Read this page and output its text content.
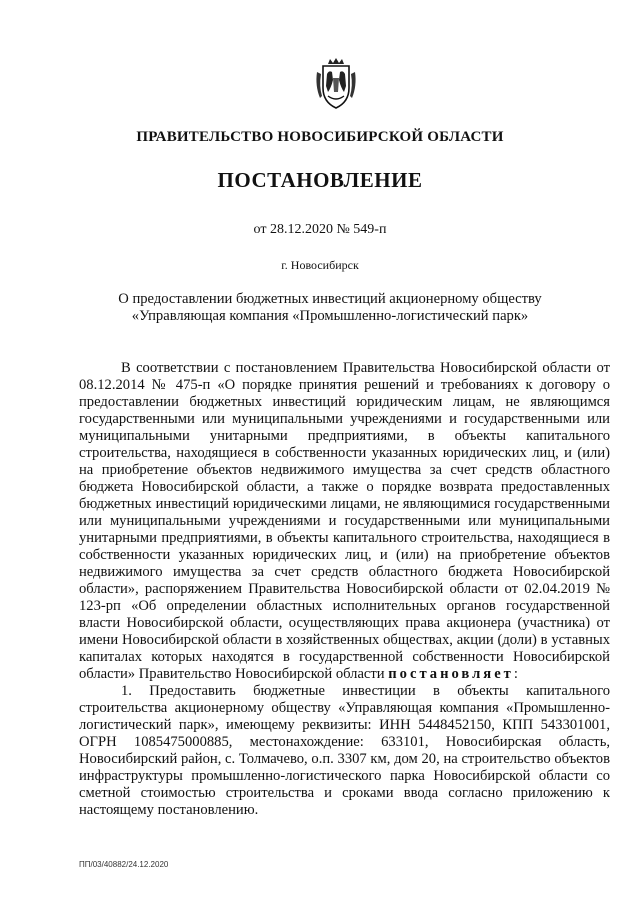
ПРАВИТЕЛЬСТВО НОВОСИБИРСКОЙ ОБЛАСТИ
ПОСТАНОВЛЕНИЕ
от 28.12.2020 № 549-п
г. Новосибирск
О предоставлении бюджетных инвестиций акционерному обществу
«Управляющая компания «Промышленно-логистический парк»

В соответствии с постановлением Правительства Новосибирской области от 08.12.2014 № 475-п «О порядке принятия решений и требованиях к договору о предоставлении бюджетных инвестиций юридическим лицам, не являющимся государственными или муниципальными учреждениями и государственными или муниципальными унитарными предприятиями, в объекты капитального строительства, находящиеся в собственности указанных юридических лиц, и (или) на приобретение объектов недвижимого имущества за счет средств областного бюджета Новосибирской области, а также о порядке возврата предоставленных бюджетных инвестиций юридическими лицами, не являющимися государственными или муниципальными учреждениями и государственными или муниципальными унитарными предприятиями, в объекты капитального строительства, находящиеся в собственности указанных юридических лиц, и (или) на приобретение объектов недвижимого имущества за счет средств областного бюджета Новосибирской области», распоряжением Правительства Новосибирской области от 02.04.2019 № 123-рп «Об определении областных исполнительных органов государственной власти Новосибирской области, осуществляющих права акционера (участника) от имени Новосибирской области в хозяйственных обществах, акции (доли) в уставных капиталах которых находятся в государственной собственности Новосибирской области» Правительство Новосибирской области постановляет:

1. Предоставить бюджетные инвестиции в объекты капитального строительства акционерному обществу «Управляющая компания «Промышленно-логистический парк», имеющему реквизиты: ИНН 5448452150, КПП 543301001, ОГРН 1085475000885, местонахождение: 633101, Новосибирская область, Новосибирский район, с. Толмачево, о.п. 3307 км, дом 20, на строительство объектов инфраструктуры промышленно-логистического парка Новосибирской области со сметной стоимостью строительства и сроками ввода согласно приложению к настоящему постановлению.

ПП/03/40882/24.12.2020
